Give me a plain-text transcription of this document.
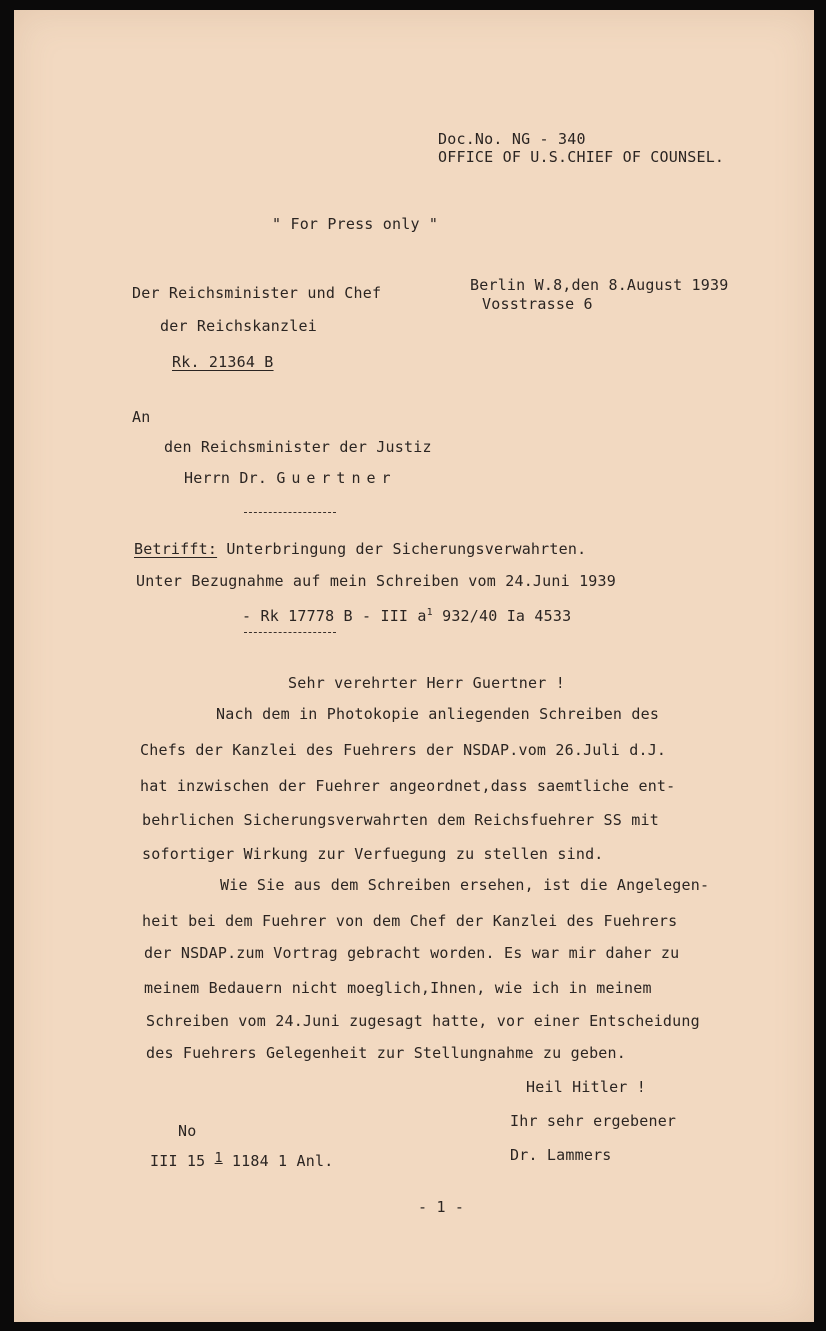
Doc.No. NG - 340
OFFICE OF U.S.CHIEF OF COUNSEL.
" For Press only "
Der Reichsminister und Chef
der Reichskanzlei
Rk. 21364 B
Berlin W.8,den 8.August 1939
Vosstrasse 6
An
den Reichsminister der Justiz
Herrn Dr. Guertner
Betrifft: Unterbringung der Sicherungsverwahrten.
Unter Bezugnahme auf mein Schreiben vom 24.Juni 1939
- Rk 17778 B - III $a^1$ 932/40 Ia 4533
Sehr verehrter Herr Guertner !
Nach dem in Photokopie anliegenden Schreiben des
Chefs der Kanzlei des Fuehrers der NSDAP.vom 26.Juli d.J.
hat inzwischen der Fuehrer angeordnet,dass saemtliche ent-
behrlichen Sicherungsverwahrten dem Reichsfuehrer SS mit
sofortiger Wirkung zur Verfuegung zu stellen sind.
Wie Sie aus dem Schreiben ersehen, ist die Angelegen-
heit bei dem Fuehrer von dem Chef der Kanzlei des Fuehrers
der NSDAP.zum Vortrag gebracht worden. Es war mir daher zu
meinem Bedauern nicht moeglich,Ihnen, wie ich in meinem
Schreiben vom 24.Juni zugesagt hatte, vor einer Entscheidung
des Fuehrers Gelegenheit zur Stellungnahme zu geben.
Heil Hitler !
Ihr sehr ergebener
Dr. Lammers
No
III 15 1 1184 1 Anl.
- 1 -
